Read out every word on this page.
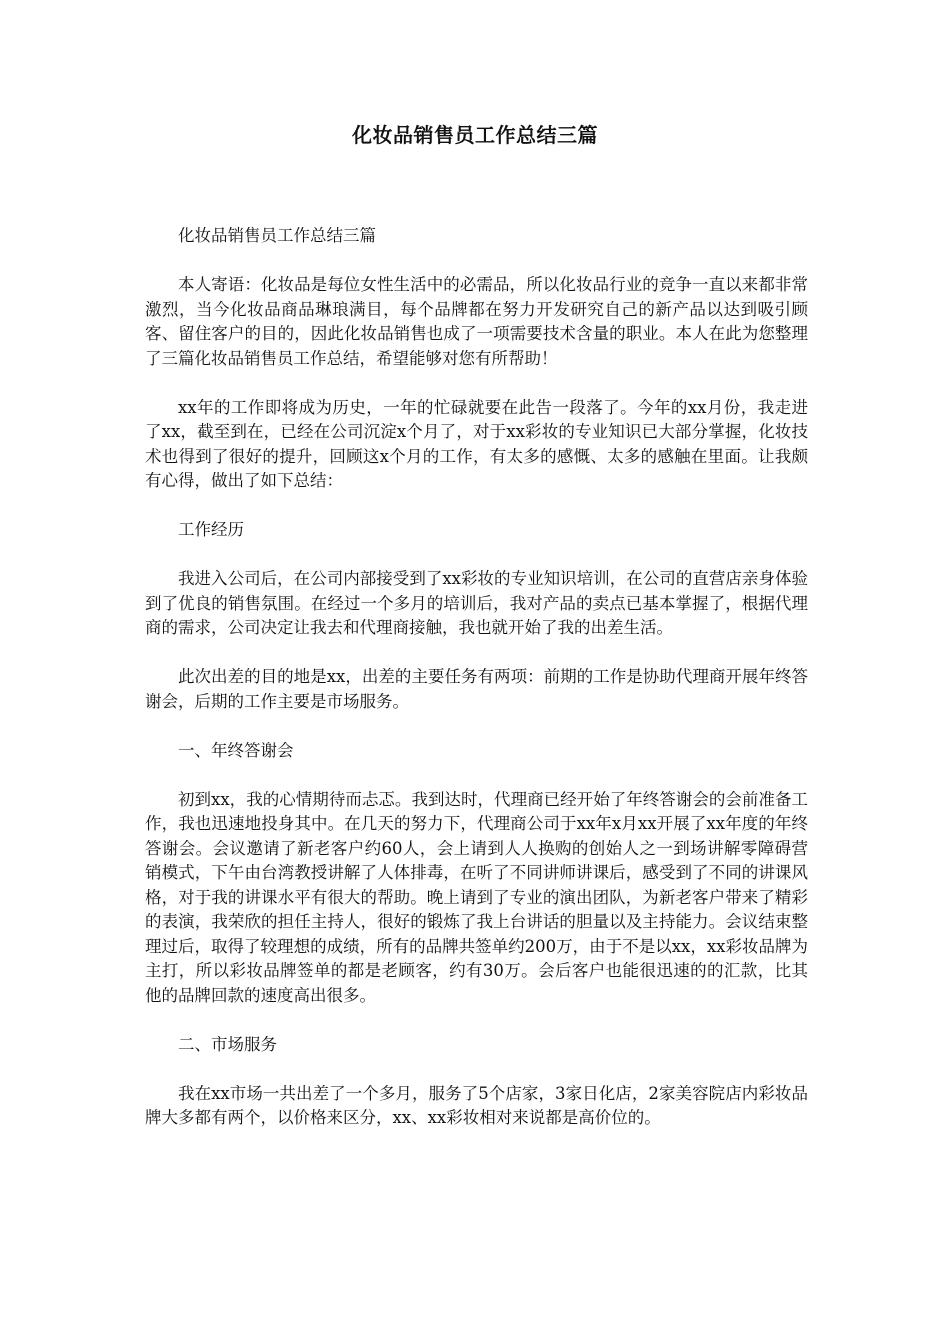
化妆品销售员工作总结三篇

化妆品销售员工作总结三篇

本人寄语：化妆品是每位女性生活中的必需品，所以化妆品行业的竞争一直以来都非常激烈，当今化妆品商品琳琅满目，每个品牌都在努力开发研究自己的新产品以达到吸引顾客、留住客户的目的，因此化妆品销售也成了一项需要技术含量的职业。本人在此为您整理了三篇化妆品销售员工作总结，希望能够对您有所帮助！

xx年的工作即将成为历史，一年的忙碌就要在此告一段落了。今年的xx月份，我走进了xx，截至到在，已经在公司沉淀x个月了，对于xx彩妆的专业知识已大部分掌握，化妆技术也得到了很好的提升，回顾这x个月的工作，有太多的感慨、太多的感触在里面。让我颇有心得，做出了如下总结：

工作经历

我进入公司后，在公司内部接受到了xx彩妆的专业知识培训，在公司的直营店亲身体验到了优良的销售氛围。在经过一个多月的培训后，我对产品的卖点已基本掌握了，根据代理商的需求，公司决定让我去和代理商接触，我也就开始了我的出差生活。

此次出差的目的地是xx，出差的主要任务有两项：前期的工作是协助代理商开展年终答谢会，后期的工作主要是市场服务。

一、年终答谢会

初到xx，我的心情期待而忐忑。我到达时，代理商已经开始了年终答谢会的会前准备工作，我也迅速地投身其中。在几天的努力下，代理商公司于xx年x月xx开展了xx年度的年终答谢会。会议邀请了新老客户约60人，会上请到人人换购的创始人之一到场讲解零障碍营销模式，下午由台湾教授讲解了人体排毒，在听了不同讲师讲课后，感受到了不同的讲课风格，对于我的讲课水平有很大的帮助。晚上请到了专业的演出团队，为新老客户带来了精彩的表演，我荣欣的担任主持人，很好的锻炼了我上台讲话的胆量以及主持能力。会议结束整理过后，取得了较理想的成绩，所有的品牌共签单约200万，由于不是以xx，xx彩妆品牌为主打，所以彩妆品牌签单的都是老顾客，约有30万。会后客户也能很迅速的的汇款，比其他的品牌回款的速度高出很多。

二、市场服务

我在xx市场一共出差了一个多月，服务了5个店家，3家日化店，2家美容院店内彩妆品牌大多都有两个，以价格来区分，xx、xx彩妆相对来说都是高价位的。
